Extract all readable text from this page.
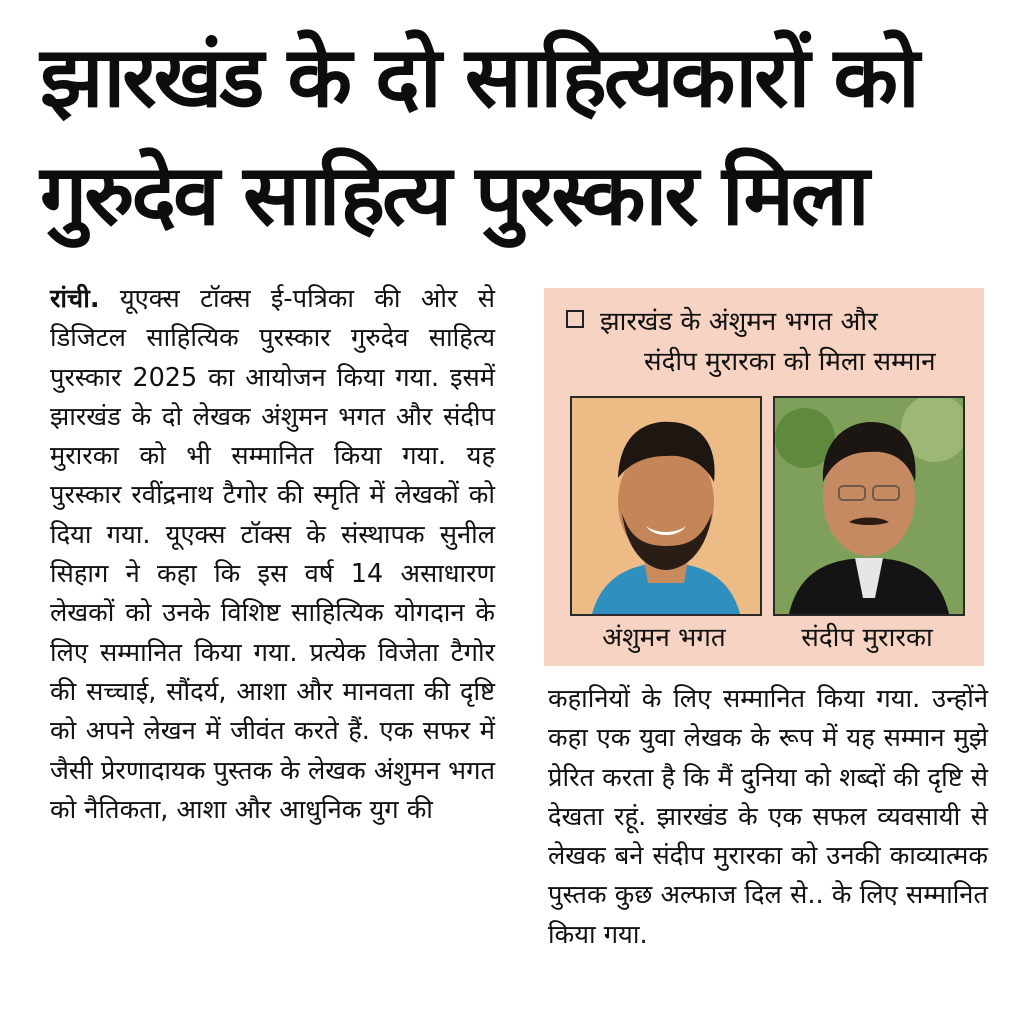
झारखंड के दो साहित्यकारों को
गुरुदेव साहित्य पुरस्कार मिला
रांची. यूएक्स टॉक्स ई-पत्रिका की ओर से डिजिटल साहित्यिक पुरस्कार गुरुदेव साहित्य पुरस्कार 2025 का आयोजन किया गया. इसमें झारखंड के दो लेखक अंशुमन भगत और संदीप मुरारका को भी सम्मानित किया गया. यह पुरस्कार रवींद्रनाथ टैगोर की स्मृति में लेखकों को दिया गया. यूएक्स टॉक्स के संस्थापक सुनील सिहाग ने कहा कि इस वर्ष 14 असाधारण लेखकों को उनके विशिष्ट साहित्यिक योगदान के लिए सम्मानित किया गया. प्रत्येक विजेता टैगोर की सच्चाई, सौंदर्य, आशा और मानवता की दृष्टि को अपने लेखन में जीवंत करते हैं. एक सफर में जैसी प्रेरणादायक पुस्तक के लेखक अंशुमन भगत को नैतिकता, आशा और आधुनिक युग की
झारखंड के अंशुमन भगत और
संदीप मुरारका को मिला सम्मान
अंशुमन भगत	संदीप मुरारका
कहानियों के लिए सम्मानित किया गया. उन्होंने कहा एक युवा लेखक के रूप में यह सम्मान मुझे प्रेरित करता है कि मैं दुनिया को शब्दों की दृष्टि से देखता रहूं. झारखंड के एक सफल व्यवसायी से लेखक बने संदीप मुरारका को उनकी काव्यात्मक पुस्तक कुछ अल्फाज दिल से.. के लिए सम्मानित किया गया.
